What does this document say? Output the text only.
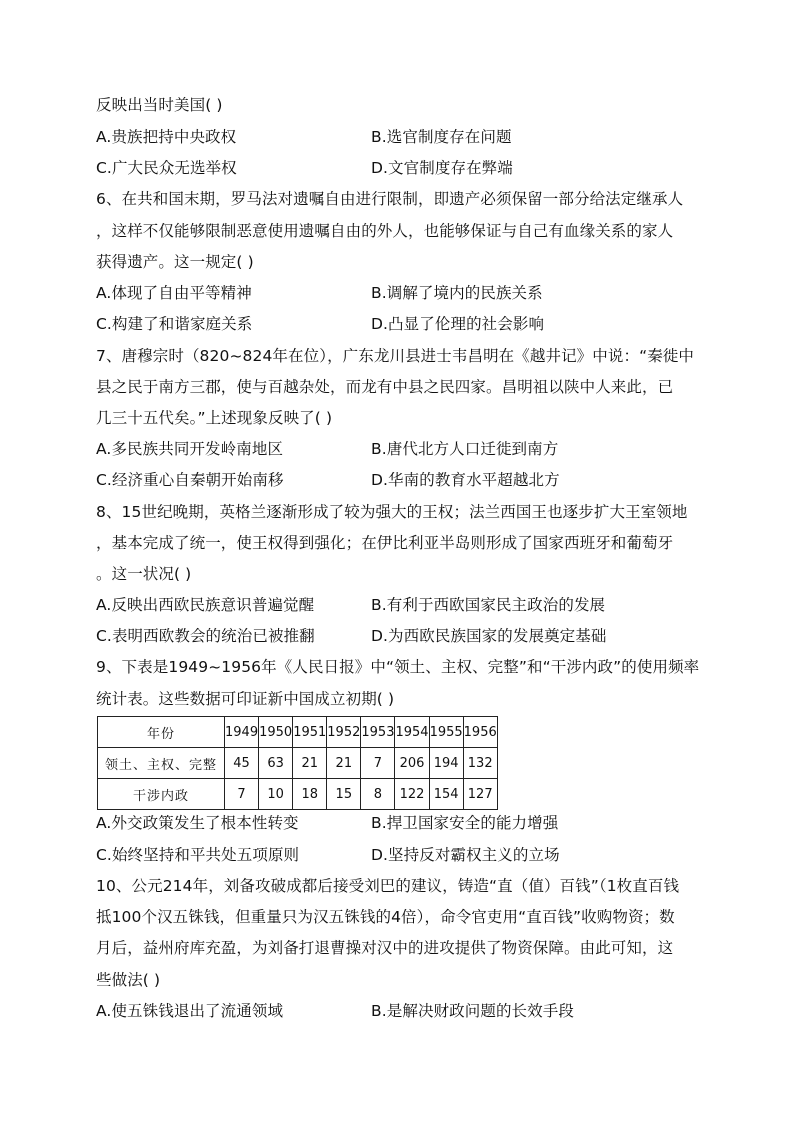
反映出当时美国( )
A.贵族把持中央政权	B.选官制度存在问题
C.广大民众无选举权	D.文官制度存在弊端
6、在共和国末期，罗马法对遗嘱自由进行限制，即遗产必须保留一部分给法定继承人
，这样不仅能够限制恶意使用遗嘱自由的外人，也能够保证与自己有血缘关系的家人
获得遗产。这一规定( )
A.体现了自由平等精神	B.调解了境内的民族关系
C.构建了和谐家庭关系	D.凸显了伦理的社会影响
7、唐穆宗时（820~824年在位），广东龙川县进士韦昌明在《越井记》中说：“秦徙中
县之民于南方三郡，使与百越杂处，而龙有中县之民四家。昌明祖以陕中人来此，已
几三十五代矣。”上述现象反映了( )
A.多民族共同开发岭南地区	B.唐代北方人口迁徙到南方
C.经济重心自秦朝开始南移	D.华南的教育水平超越北方
8、15世纪晚期，英格兰逐渐形成了较为强大的王权；法兰西国王也逐步扩大王室领地
，基本完成了统一，使王权得到强化；在伊比利亚半岛则形成了国家西班牙和葡萄牙
。这一状况( )
A.反映出西欧民族意识普遍觉醒	B.有利于西欧国家民主政治的发展
C.表明西欧教会的统治已被推翻	D.为西欧民族国家的发展奠定基础
9、下表是1949~1956年《人民日报》中“领土、主权、完整”和“干涉内政”的使用频率
统计表。这些数据可印证新中国成立初期( )
年份	1949	1950	1951	1952	1953	1954	1955	1956
领土、主权、完整	45	63	21	21	7	206	194	132
干涉内政	7	10	18	15	8	122	154	127
A.外交政策发生了根本性转变	B.捍卫国家安全的能力增强
C.始终坚持和平共处五项原则	D.坚持反对霸权主义的立场
10、公元214年，刘备攻破成都后接受刘巴的建议，铸造“直（值）百钱”（1枚直百钱
抵100个汉五铢钱，但重量只为汉五铢钱的4倍），命令官吏用“直百钱”收购物资；数
月后，益州府库充盈，为刘备打退曹操对汉中的进攻提供了物资保障。由此可知，这
些做法( )
A.使五铢钱退出了流通领域	B.是解决财政问题的长效手段
